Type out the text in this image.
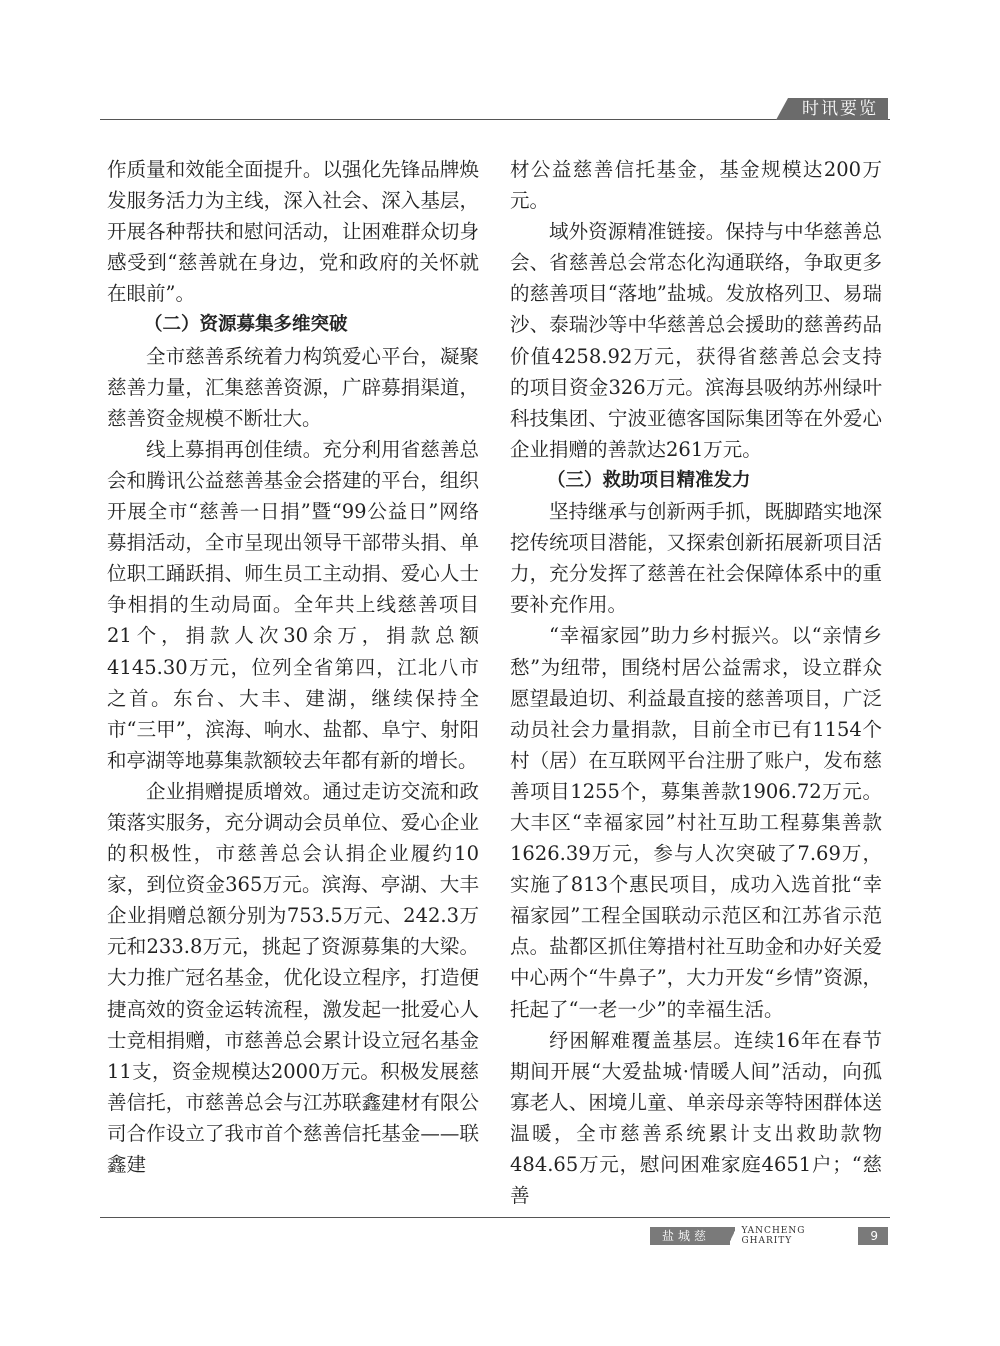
时讯要览

作质量和效能全面提升。以强化先锋品牌焕发服务活力为主线，深入社会、深入基层，开展各种帮扶和慰问活动，让困难群众切身感受到“慈善就在身边，党和政府的关怀就在眼前”。

（二）资源募集多维突破

全市慈善系统着力构筑爱心平台，凝聚慈善力量，汇集慈善资源，广辟募捐渠道，慈善资金规模不断壮大。

线上募捐再创佳绩。充分利用省慈善总会和腾讯公益慈善基金会搭建的平台，组织开展全市“慈善一日捐”暨“99公益日”网络募捐活动，全市呈现出领导干部带头捐、单位职工踊跃捐、师生员工主动捐、爱心人士争相捐的生动局面。全年共上线慈善项目21个，捐款人次30余万，捐款总额4145.30万元，位列全省第四，江北八市之首。东台、大丰、建湖，继续保持全市“三甲”，滨海、响水、盐都、阜宁、射阳和亭湖等地募集款额较去年都有新的增长。

企业捐赠提质增效。通过走访交流和政策落实服务，充分调动会员单位、爱心企业的积极性，市慈善总会认捐企业履约10家，到位资金365万元。滨海、亭湖、大丰企业捐赠总额分别为753.5万元、242.3万元和233.8万元，挑起了资源募集的大梁。大力推广冠名基金，优化设立程序，打造便捷高效的资金运转流程，激发起一批爱心人士竞相捐赠，市慈善总会累计设立冠名基金11支，资金规模达2000万元。积极发展慈善信托，市慈善总会与江苏联鑫建材有限公司合作设立了我市首个慈善信托基金——联鑫建

材公益慈善信托基金，基金规模达200万元。

域外资源精准链接。保持与中华慈善总会、省慈善总会常态化沟通联络，争取更多的慈善项目“落地”盐城。发放格列卫、易瑞沙、泰瑞沙等中华慈善总会援助的慈善药品价值4258.92万元，获得省慈善总会支持的项目资金326万元。滨海县吸纳苏州绿叶科技集团、宁波亚德客国际集团等在外爱心企业捐赠的善款达261万元。

（三）救助项目精准发力

坚持继承与创新两手抓，既脚踏实地深挖传统项目潜能，又探索创新拓展新项目活力，充分发挥了慈善在社会保障体系中的重要补充作用。

“幸福家园”助力乡村振兴。以“亲情乡愁”为纽带，围绕村居公益需求，设立群众愿望最迫切、利益最直接的慈善项目，广泛动员社会力量捐款，目前全市已有1154个村（居）在互联网平台注册了账户，发布慈善项目1255个，募集善款1906.72万元。大丰区“幸福家园”村社互助工程募集善款1626.39万元，参与人次突破了7.69万，实施了813个惠民项目，成功入选首批“幸福家园”工程全国联动示范区和江苏省示范点。盐都区抓住筹措村社互助金和办好关爱中心两个“牛鼻子”，大力开发“乡情”资源，托起了“一老一少”的幸福生活。

纾困解难覆盖基层。连续16年在春节期间开展“大爱盐城·情暖人间”活动，向孤寡老人、困境儿童、单亲母亲等特困群体送温暖，全市慈善系统累计支出救助款物484.65万元，慰问困难家庭4651户；“慈善

盐城慈善
YANCHENG GHARITY	9
